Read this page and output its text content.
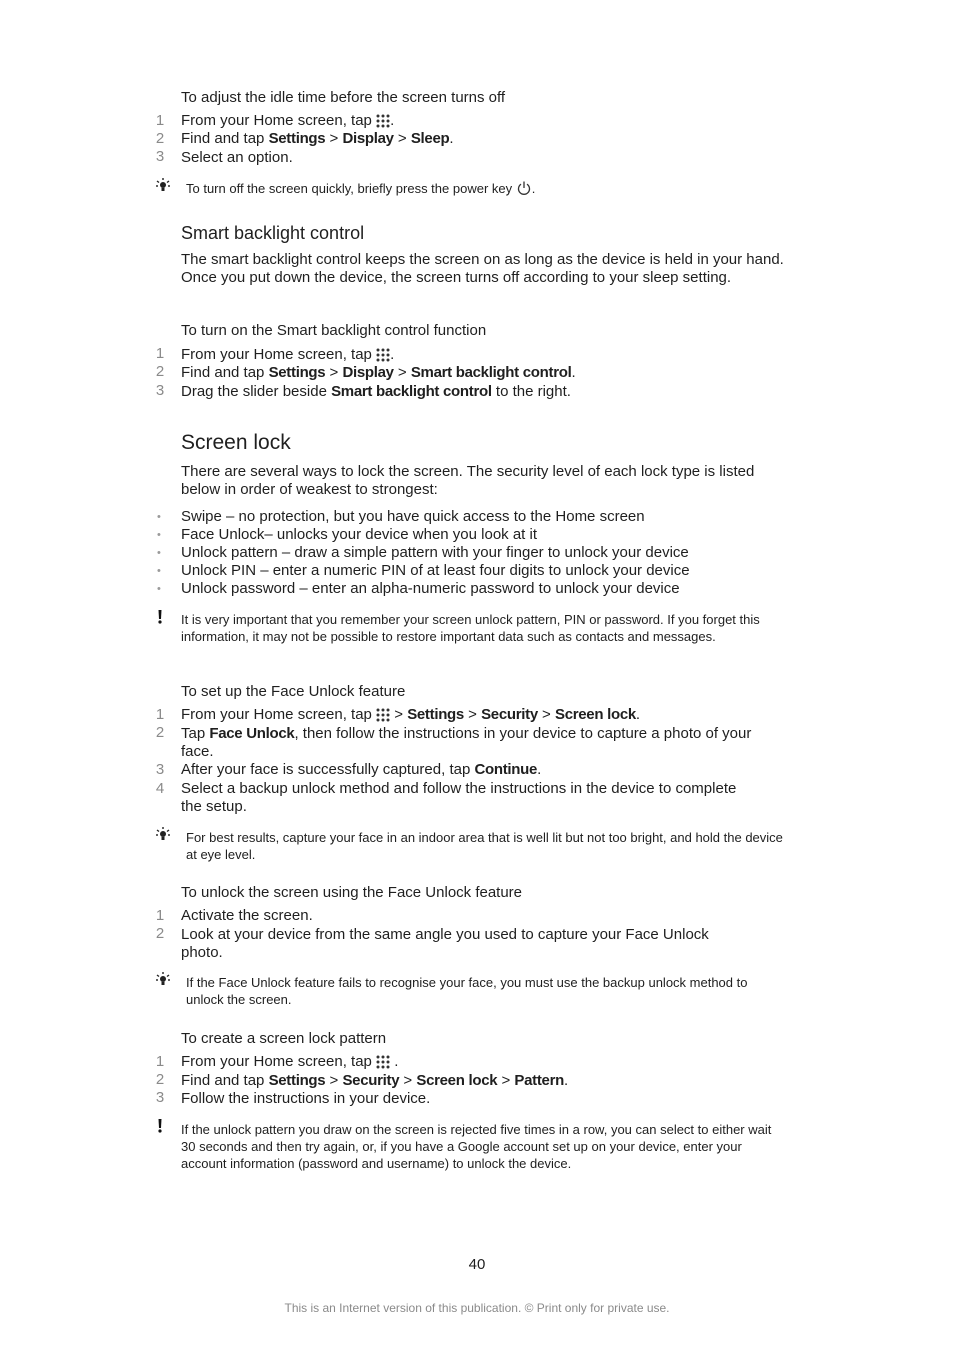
To adjust the idle time before the screen turns off
1 From your Home screen, tap .
2 Find and tap Settings > Display > Sleep.
3 Select an option.
To turn off the screen quickly, briefly press the power key .
Smart backlight control
The smart backlight control keeps the screen on as long as the device is held in your hand. Once you put down the device, the screen turns off according to your sleep setting.
To turn on the Smart backlight control function
1 From your Home screen, tap .
2 Find and tap Settings > Display > Smart backlight control.
3 Drag the slider beside Smart backlight control to the right.
Screen lock
There are several ways to lock the screen. The security level of each lock type is listed below in order of weakest to strongest:
• Swipe – no protection, but you have quick access to the Home screen
• Face Unlock– unlocks your device when you look at it
• Unlock pattern – draw a simple pattern with your finger to unlock your device
• Unlock PIN – enter a numeric PIN of at least four digits to unlock your device
• Unlock password – enter an alpha-numeric password to unlock your device
It is very important that you remember your screen unlock pattern, PIN or password. If you forget this information, it may not be possible to restore important data such as contacts and messages.
To set up the Face Unlock feature
1 From your Home screen, tap  > Settings > Security > Screen lock.
2 Tap Face Unlock, then follow the instructions in your device to capture a photo of your face.
3 After your face is successfully captured, tap Continue.
4 Select a backup unlock method and follow the instructions in the device to complete the setup.
For best results, capture your face in an indoor area that is well lit but not too bright, and hold the device at eye level.
To unlock the screen using the Face Unlock feature
1 Activate the screen.
2 Look at your device from the same angle you used to capture your Face Unlock photo.
If the Face Unlock feature fails to recognise your face, you must use the backup unlock method to unlock the screen.
To create a screen lock pattern
1 From your Home screen, tap  .
2 Find and tap Settings > Security > Screen lock > Pattern.
3 Follow the instructions in your device.
If the unlock pattern you draw on the screen is rejected five times in a row, you can select to either wait 30 seconds and then try again, or, if you have a Google account set up on your device, enter your account information (password and username) to unlock the device.
40
This is an Internet version of this publication. © Print only for private use.
